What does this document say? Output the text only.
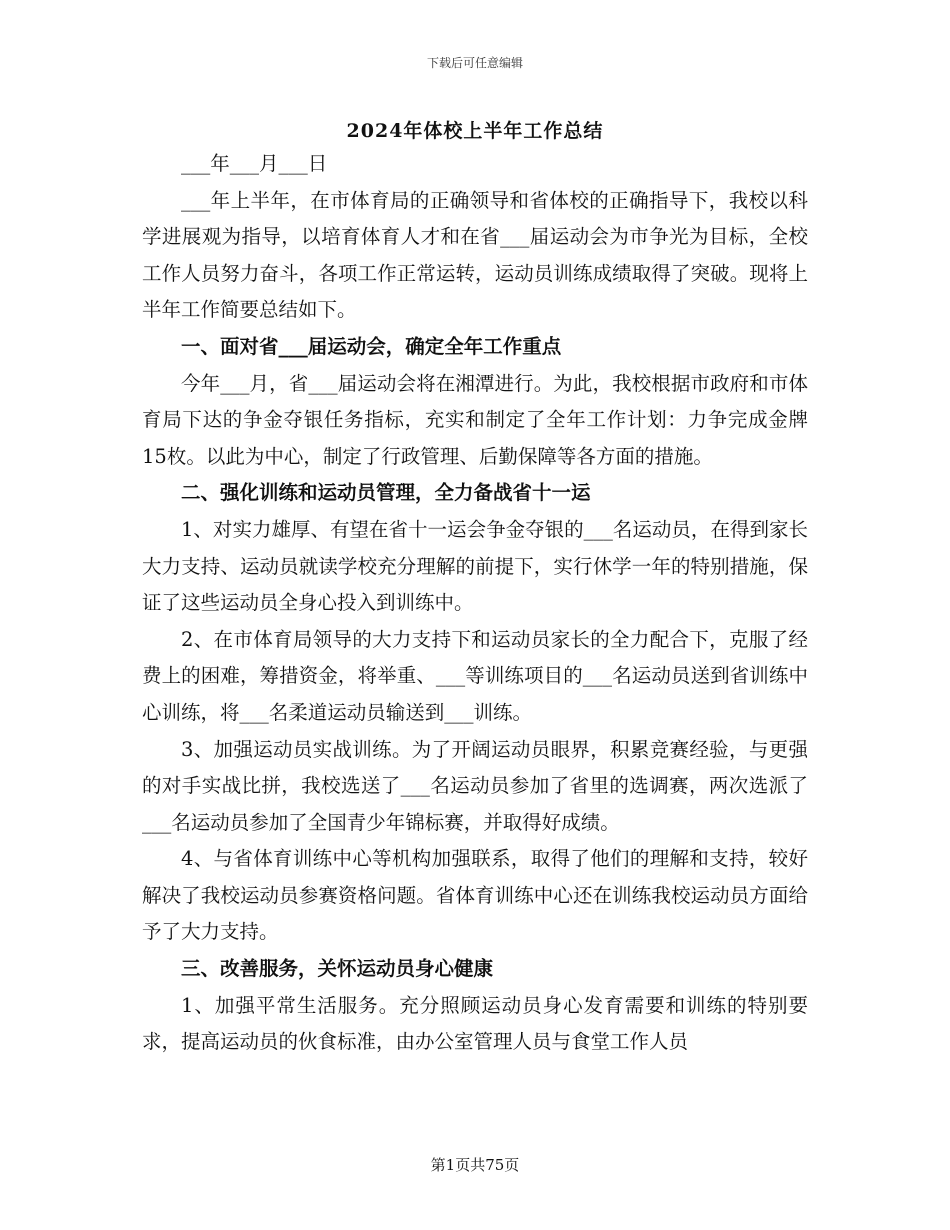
下载后可任意编辑
2024年体校上半年工作总结

___年___月___日

___年上半年，在市体育局的正确领导和省体校的正确指导下，我校以科学进展观为指导，以培育体育人才和在省___届运动会为市争光为目标，全校工作人员努力奋斗，各项工作正常运转，运动员训练成绩取得了突破。现将上半年工作简要总结如下。

一、面对省___届运动会，确定全年工作重点

今年___月，省___届运动会将在湘潭进行。为此，我校根据市政府和市体育局下达的争金夺银任务指标，充实和制定了全年工作计划：力争完成金牌15枚。以此为中心，制定了行政管理、后勤保障等各方面的措施。

二、强化训练和运动员管理，全力备战省十一运

1、对实力雄厚、有望在省十一运会争金夺银的___名运动员，在得到家长大力支持、运动员就读学校充分理解的前提下，实行休学一年的特别措施，保证了这些运动员全身心投入到训练中。

2、在市体育局领导的大力支持下和运动员家长的全力配合下，克服了经费上的困难，筹措资金，将举重、___等训练项目的___名运动员送到省训练中心训练，将___名柔道运动员输送到___训练。

3、加强运动员实战训练。为了开阔运动员眼界，积累竞赛经验，与更强的对手实战比拼，我校选送了___名运动员参加了省里的选调赛，两次选派了___名运动员参加了全国青少年锦标赛，并取得好成绩。

4、与省体育训练中心等机构加强联系，取得了他们的理解和支持，较好解决了我校运动员参赛资格问题。省体育训练中心还在训练我校运动员方面给予了大力支持。

三、改善服务，关怀运动员身心健康

1、加强平常生活服务。充分照顾运动员身心发育需要和训练的特别要求，提高运动员的伙食标准，由办公室管理人员与食堂工作人员

第1页共75页
